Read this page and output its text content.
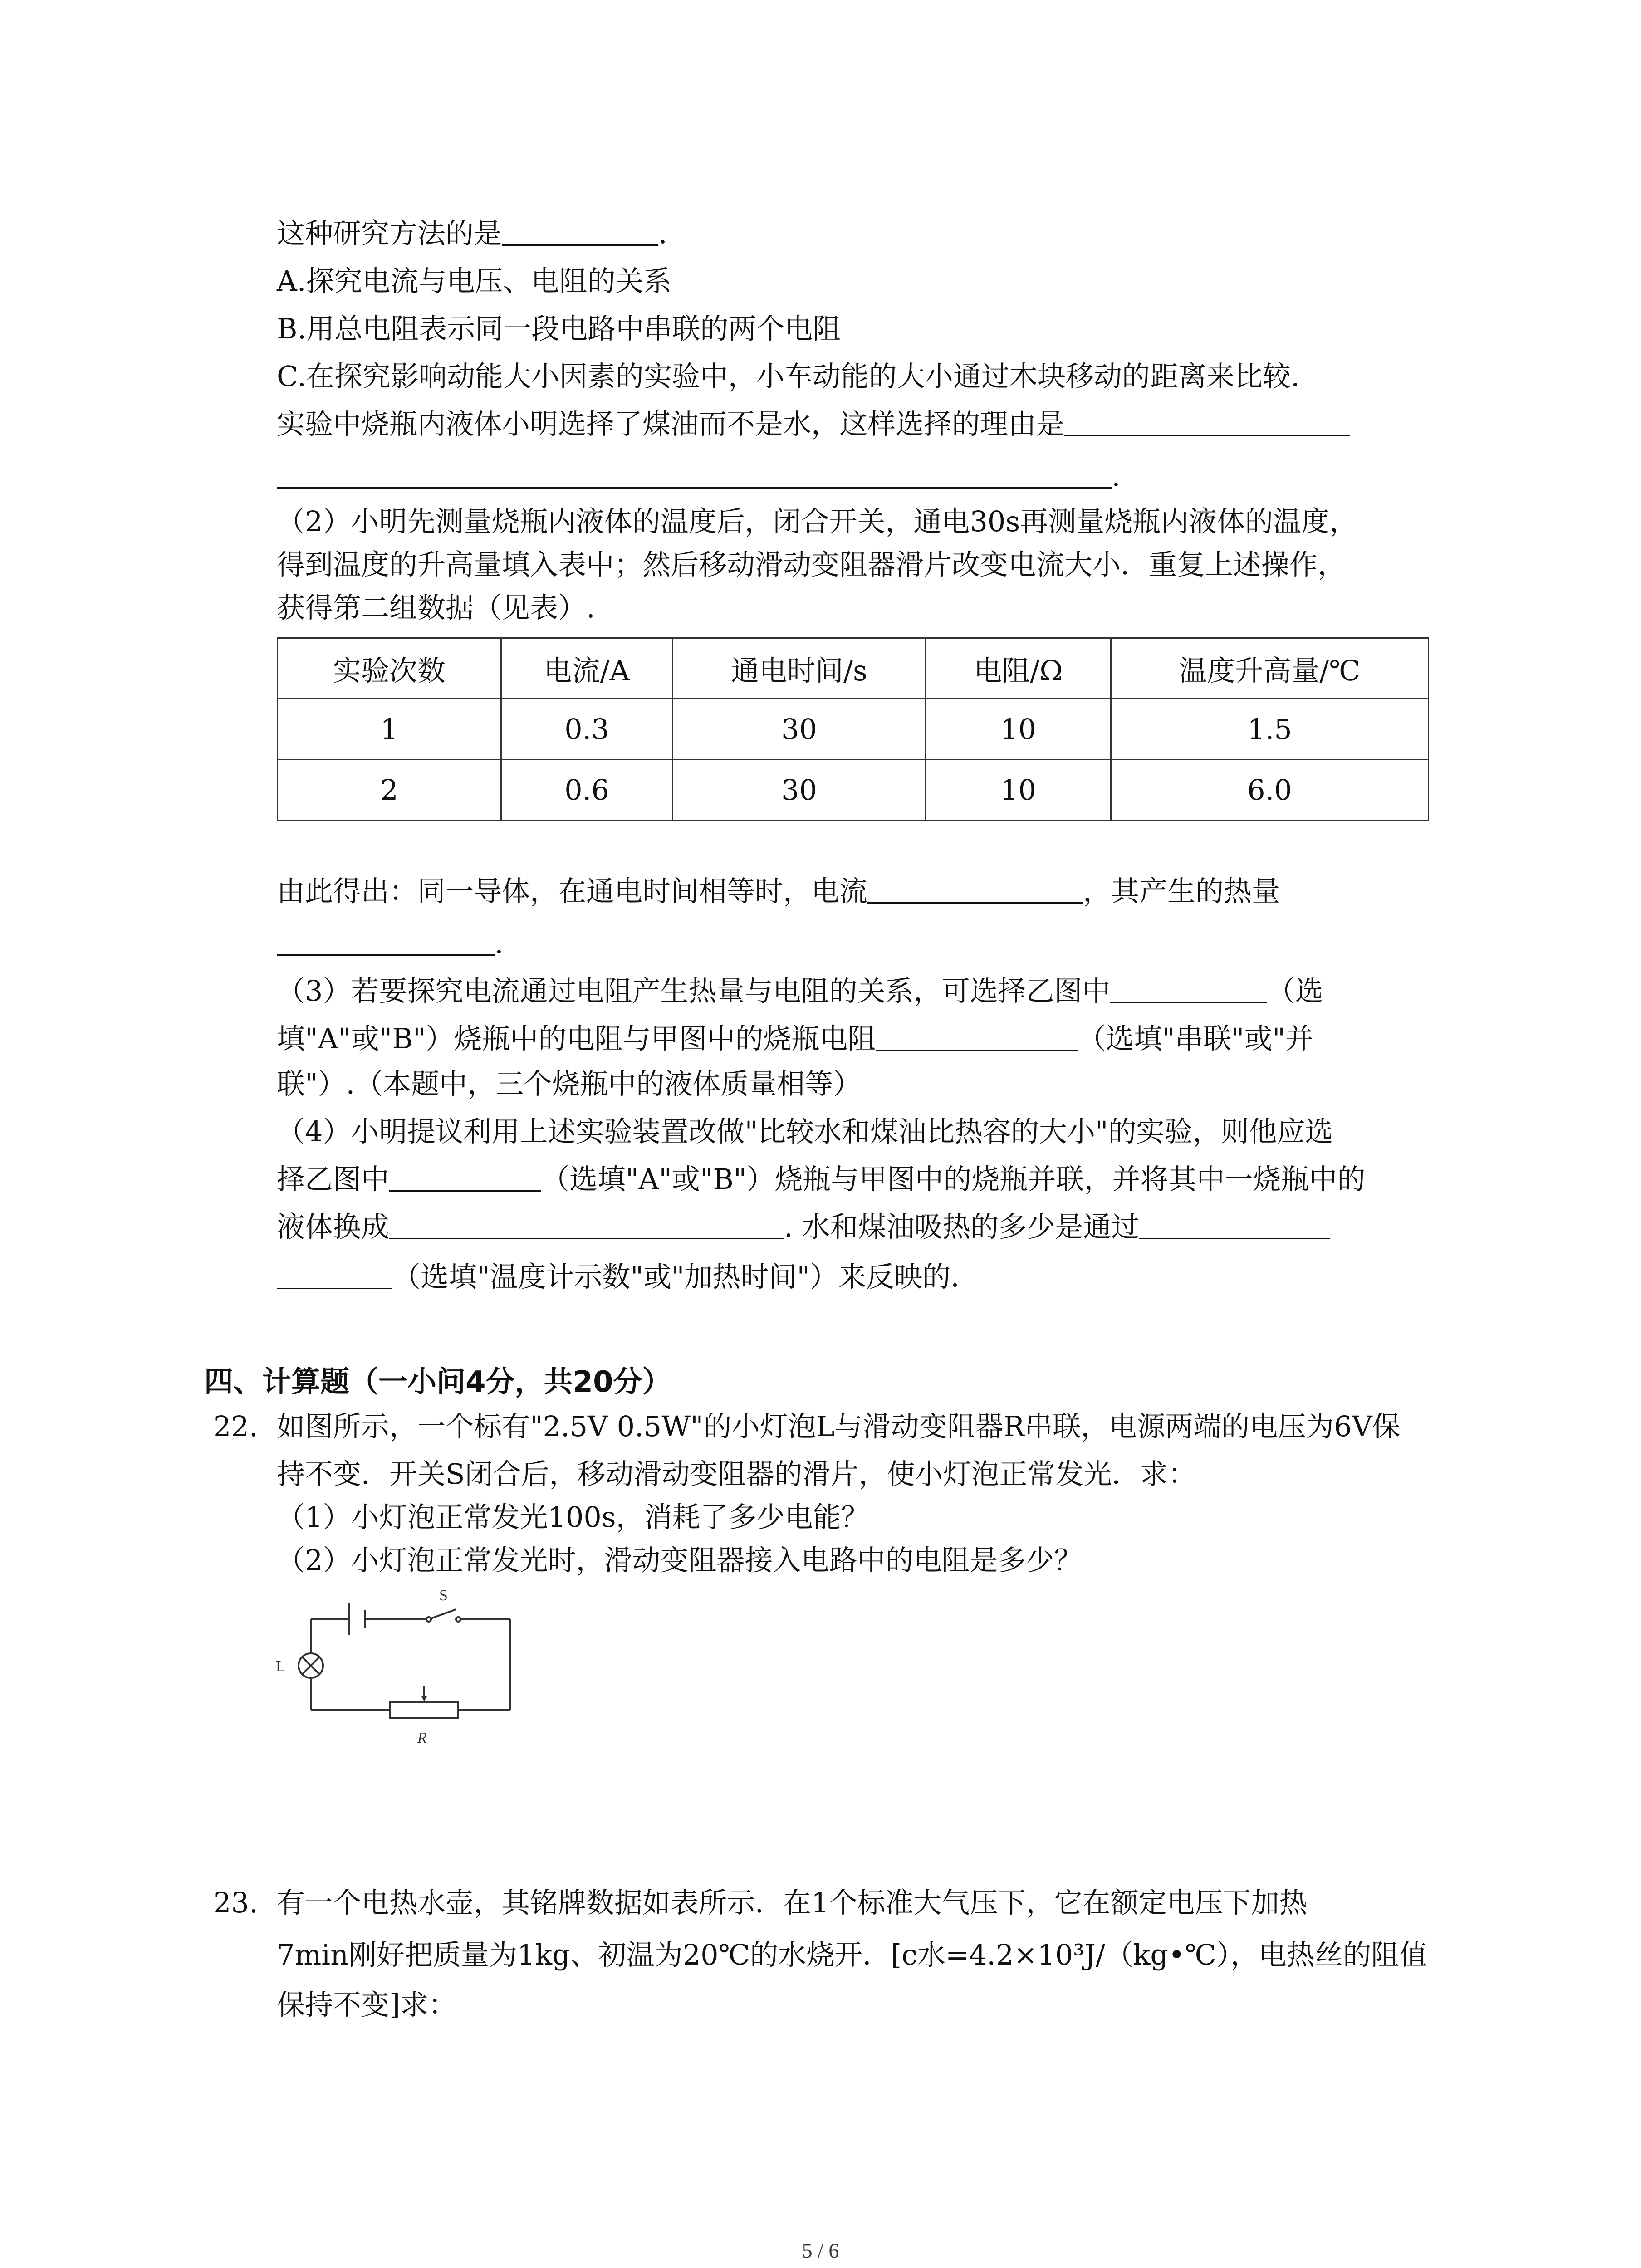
这种研究方法的是	.
A.探究电流与电压、电阻的关系
B.用总电阻表示同一段电路中串联的两个电阻
C.在探究影响动能大小因素的实验中，小车动能的大小通过木块移动的距离来比较.
实验中烧瓶内液体小明选择了煤油而不是水，这样选择的理由是
.
（2）小明先测量烧瓶内液体的温度后，闭合开关，通电30s再测量烧瓶内液体的温度，
得到温度的升高量填入表中；然后移动滑动变阻器滑片改变电流大小．重复上述操作，
获得第二组数据（见表）.
实验次数	电流/A	通电时间/s	电阻/Ω	温度升高量/℃
1	0.3	30	10	1.5
2	0.6	30	10	6.0
由此得出：同一导体，在通电时间相等时，电流	，其产生的热量
.
（3）若要探究电流通过电阻产生热量与电阻的关系，可选择乙图中	（选
填"A"或"B"）烧瓶中的电阻与甲图中的烧瓶电阻	（选填"串联"或"并
联"）.（本题中，三个烧瓶中的液体质量相等）
（4）小明提议利用上述实验装置改做"比较水和煤油比热容的大小"的实验，则他应选
择乙图中	（选填"A"或"B"）烧瓶与甲图中的烧瓶并联，并将其中一烧瓶中的
液体换成	. 水和煤油吸热的多少是通过
（选填"温度计示数"或"加热时间"）来反映的.
四、计算题（一小问4分，共20分）
22. 如图所示，一个标有"2.5V 0.5W"的小灯泡L与滑动变阻器R串联，电源两端的电压为6V保
持不变．开关S闭合后，移动滑动变阻器的滑片，使小灯泡正常发光．求：
（1）小灯泡正常发光100s，消耗了多少电能？
（2）小灯泡正常发光时，滑动变阻器接入电路中的电阻是多少？
S
L
R
23. 有一个电热水壶，其铭牌数据如表所示．在1个标准大气压下，它在额定电压下加热
7min刚好把质量为1kg、初温为20℃的水烧开．[c水=4.2×10³J/（kg•℃），电热丝的阻值
保持不变]求：
5 / 6
